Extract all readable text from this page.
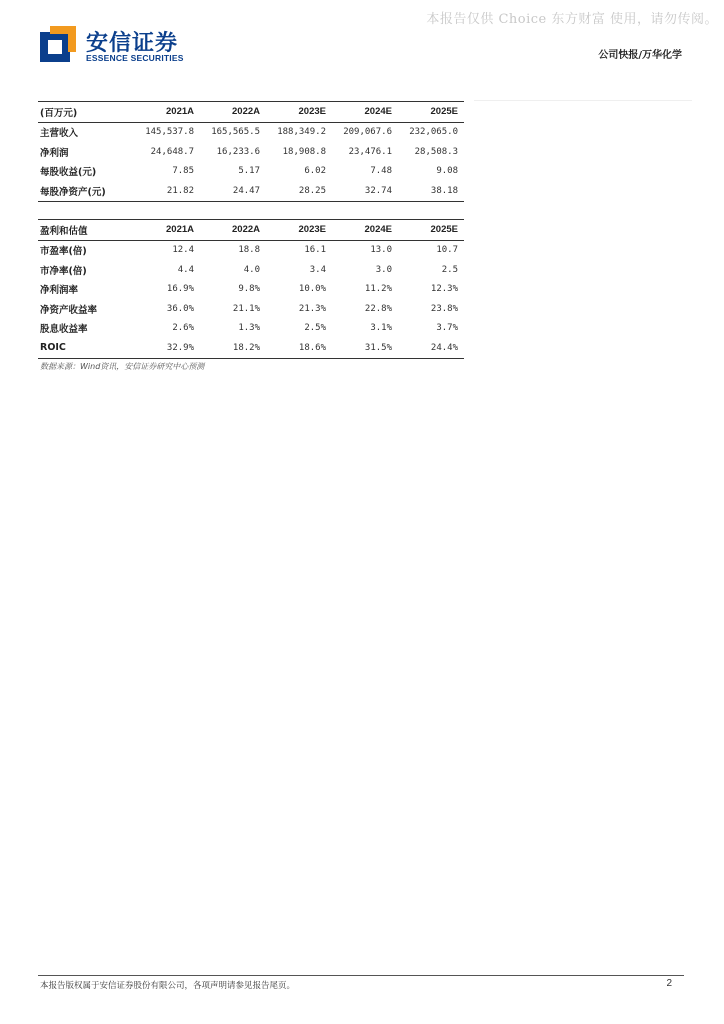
本报告仅供 Choice 东方财富 使用，请勿传阅。
安信证券
ESSENCE SECURITIES	公司快报/万华化学
(百万元)	2021A	2022A	2023E	2024E	2025E
主营收入	145,537.8	165,565.5	188,349.2	209,067.6	232,065.0
净利润	24,648.7	16,233.6	18,908.8	23,476.1	28,508.3
每股收益(元)	7.85	5.17	6.02	7.48	9.08
每股净资产(元)	21.82	24.47	28.25	32.74	38.18
盈利和估值	2021A	2022A	2023E	2024E	2025E
市盈率(倍)	12.4	18.8	16.1	13.0	10.7
市净率(倍)	4.4	4.0	3.4	3.0	2.5
净利润率	16.9%	9.8%	10.0%	11.2%	12.3%
净资产收益率	36.0%	21.1%	21.3%	22.8%	23.8%
股息收益率	2.6%	1.3%	2.5%	3.1%	3.7%
ROIC	32.9%	18.2%	18.6%	31.5%	24.4%
数据来源：Wind资讯，安信证券研究中心预测
本报告版权属于安信证券股份有限公司，各项声明请参见报告尾页。	2
